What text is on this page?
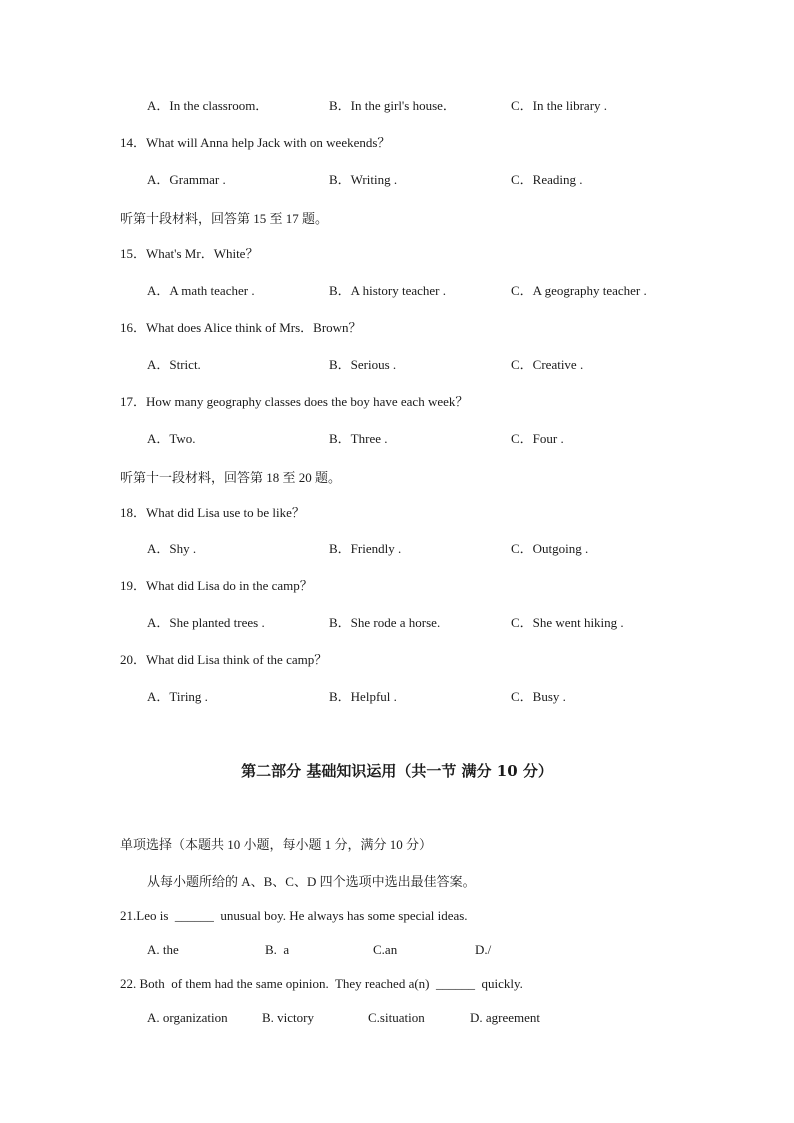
A．In the classroom．	B．In the girl's house．	C．In the library .
14．What will Anna help Jack with on weekends？
A．Grammar .	B．Writing .	C．Reading .
听第十段材料，回答第 15 至 17 题。
15．What's Mr．White？
A．A math teacher .	B．A history teacher .	C．A geography teacher .
16．What does Alice think of Mrs．Brown？
A．Strict.	B．Serious .	C．Creative .
17．How many geography classes does the boy have each week？
A．Two.	B．Three .	C．Four .
听第十一段材料，回答第 18 至 20 题。
18．What did Lisa use to be like？
A．Shy .	B．Friendly .	C．Outgoing .
19．What did Lisa do in the camp？
A．She planted trees .	B．She rode a horse.	C．She went hiking .
20．What did Lisa think of the camp？
A．Tiring .	B．Helpful .	C．Busy .
第二部分 基础知识运用（共一节 满分 10 分）
单项选择（本题共 10 小题，每小题 1 分，满分 10 分）
从每小题所给的 A、B、C、D 四个选项中选出最佳答案。
21.Leo is  ______  unusual boy. He always has some special ideas.
A. the	B.  a	C.an	D./
22. Both  of them had the same opinion.  They reached a(n)  ______  quickly.
A. organization	B. victory	C.situation	D. agreement
